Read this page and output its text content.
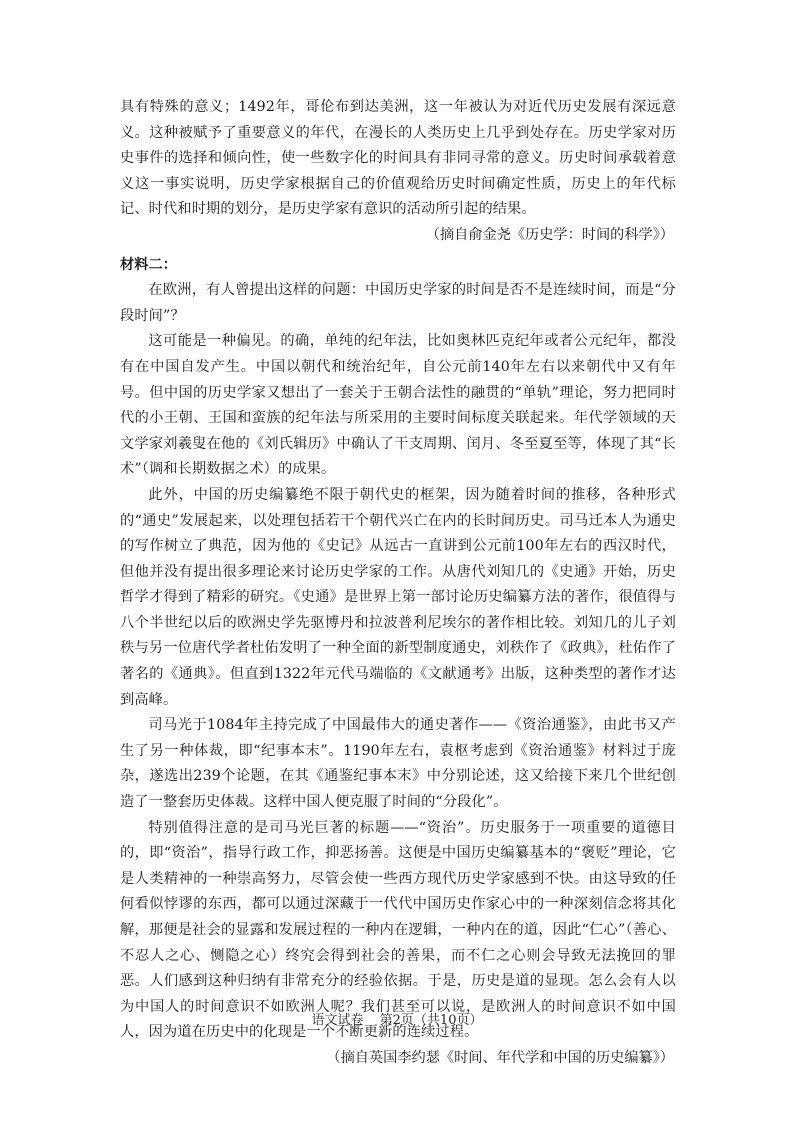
具有特殊的意义；1492年，哥伦布到达美洲，这一年被认为对近代历史发展有深远意义。这种被赋予了重要意义的年代，在漫长的人类历史上几乎到处存在。历史学家对历史事件的选择和倾向性，使一些数字化的时间具有非同寻常的意义。历史时间承载着意义这一事实说明，历史学家根据自己的价值观给历史时间确定性质，历史上的年代标记、时代和时期的划分，是历史学家有意识的活动所引起的结果。

（摘自俞金尧《历史学：时间的科学》）

材料二：

在欧洲，有人曾提出这样的问题：中国历史学家的时间是否不是连续时间，而是“分段时间”？

这可能是一种偏见。的确，单纯的纪年法，比如奥林匹克纪年或者公元纪年，都没有在中国自发产生。中国以朝代和统治纪年，自公元前140年左右以来朝代中又有年号。但中国的历史学家又想出了一套关于王朝合法性的融贯的“单轨”理论，努力把同时代的小王朝、王国和蛮族的纪年法与所采用的主要时间标度关联起来。年代学领域的天文学家刘羲叟在他的《刘氏辑历》中确认了干支周期、闰月、冬至夏至等，体现了其“长术”（调和长期数据之术）的成果。

此外，中国的历史编纂绝不限于朝代史的框架，因为随着时间的推移，各种形式的“通史”发展起来，以处理包括若干个朝代兴亡在内的长时间历史。司马迁本人为通史的写作树立了典范，因为他的《史记》从远古一直讲到公元前100年左右的西汉时代，但他并没有提出很多理论来讨论历史学家的工作。从唐代刘知几的《史通》开始，历史哲学才得到了精彩的研究。《史通》是世界上第一部讨论历史编纂方法的著作，很值得与八个半世纪以后的欧洲史学先驱博丹和拉波普利尼埃尔的著作相比较。刘知几的儿子刘秩与另一位唐代学者杜佑发明了一种全面的新型制度通史，刘秩作了《政典》，杜佑作了著名的《通典》。但直到1322年元代马端临的《文献通考》出版，这种类型的著作才达到高峰。

司马光于1084年主持完成了中国最伟大的通史著作——《资治通鉴》，由此书又产生了另一种体裁，即“纪事本末”。1190年左右，袁枢考虑到《资治通鉴》材料过于庞杂，遂选出239个论题，在其《通鉴纪事本末》中分别论述，这又给接下来几个世纪创造了一整套历史体裁。这样中国人便克服了时间的“分段化”。

特别值得注意的是司马光巨著的标题——“资治”。历史服务于一项重要的道德目的，即“资治”，指导行政工作，抑恶扬善。这便是中国历史编纂基本的“褒贬”理论，它是人类精神的一种崇高努力，尽管会使一些西方现代历史学家感到不快。由这导致的任何看似悖谬的东西，都可以通过深藏于一代代中国历史作家心中的一种深刻信念将其化解，那便是社会的显露和发展过程的一种内在逻辑，一种内在的道，因此“仁心”（善心、不忍人之心、恻隐之心）终究会得到社会的善果，而不仁之心则会导致无法挽回的罪恶。人们感到这种归纳有非常充分的经验依据。于是，历史是道的显现。怎么会有人以为中国人的时间意识不如欧洲人呢？我们甚至可以说，是欧洲人的时间意识不如中国人，因为道在历史中的化现是一个不断更新的连续过程。

（摘自英国李约瑟《时间、年代学和中国的历史编纂》）

语文试卷 第2页（共10页）
